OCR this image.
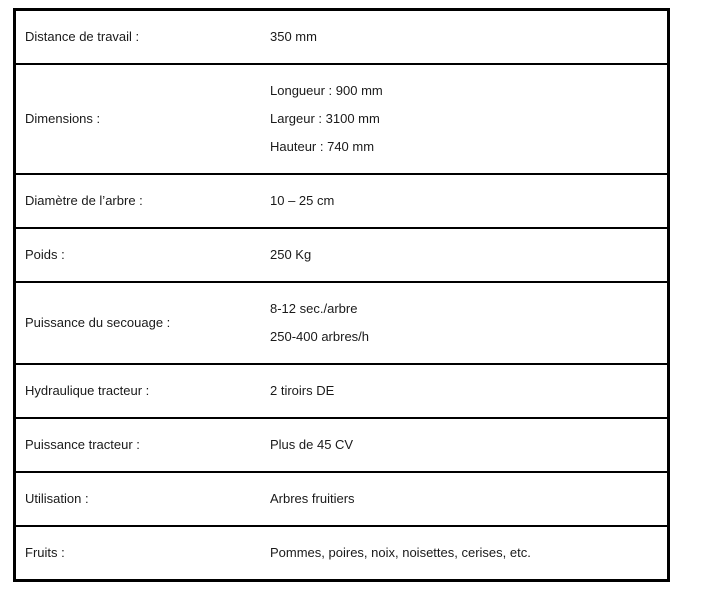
Distance de travail :	350 mm

Dimensions :	Longueur : 900 mm
Largeur : 3100 mm
Hauteur : 740 mm

Diamètre de l’arbre :	10 – 25 cm

Poids :	250 Kg

Puissance du secouage :	8-12 sec./arbre
250-400 arbres/h

Hydraulique tracteur :	2 tiroirs DE

Puissance tracteur :	Plus de 45 CV

Utilisation :	Arbres fruitiers

Fruits :	Pommes, poires, noix, noisettes, cerises, etc.
